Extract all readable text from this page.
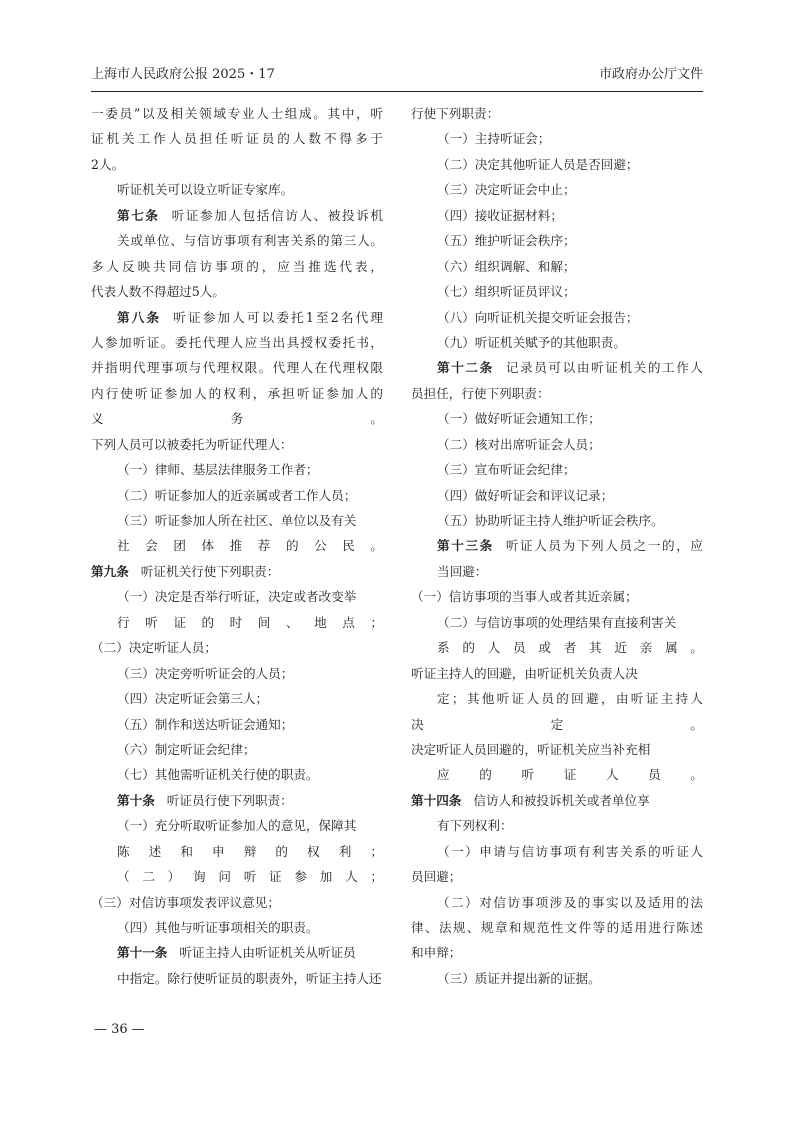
上海市人民政府公报 2025・17	市政府办公厅文件
一委员”以及相关领域专业人士组成。其中，听
证机关工作人员担任听证员的人数不得多于
2人。
听证机关可以设立听证专家库。
第七条 听证参加人包括信访人、被投诉机
关或单位、与信访事项有利害关系的第三人。
多人反映共同信访事项的，应当推选代表，
代表人数不得超过5人。
第八条 听证参加人可以委托1至2名代理
人参加听证。委托代理人应当出具授权委托书，
并指明代理事项与代理权限。代理人在代理权限
内行使听证参加人的权利，承担听证参加人的
义务。
下列人员可以被委托为听证代理人：
（一）律师、基层法律服务工作者；
（二）听证参加人的近亲属或者工作人员；
（三）听证参加人所在社区、单位以及有关
社会团体推荐的公民。
第九条 听证机关行使下列职责：
（一）决定是否举行听证，决定或者改变举
行听证的时间、地点；
（二）决定听证人员；
（三）决定旁听听证会的人员；
（四）决定听证会第三人；
（五）制作和送达听证会通知；
（六）制定听证会纪律；
（七）其他需听证机关行使的职责。
第十条 听证员行使下列职责：
（一）充分听取听证参加人的意见，保障其
陈述和申辩的权利；
（二）询问听证参加人；
（三）对信访事项发表评议意见；
（四）其他与听证事项相关的职责。
第十一条 听证主持人由听证机关从听证员
中指定。除行使听证员的职责外，听证主持人还
行使下列职责：
（一）主持听证会；
（二）决定其他听证人员是否回避；
（三）决定听证会中止；
（四）接收证据材料；
（五）维护听证会秩序；
（六）组织调解、和解；
（七）组织听证员评议；
（八）向听证机关提交听证会报告；
（九）听证机关赋予的其他职责。
第十二条 记录员可以由听证机关的工作人
员担任，行使下列职责：
（一）做好听证会通知工作；
（二）核对出席听证会人员；
（三）宣布听证会纪律；
（四）做好听证会和评议记录；
（五）协助听证主持人维护听证会秩序。
第十三条 听证人员为下列人员之一的，应
当回避：
（一）信访事项的当事人或者其近亲属；
（二）与信访事项的处理结果有直接利害关
系的人员或者其近亲属。
听证主持人的回避，由听证机关负责人决
定；其他听证人员的回避，由听证主持人
决定。
决定听证人员回避的，听证机关应当补充相
应的听证人员。
第十四条 信访人和被投诉机关或者单位享
有下列权利：
（一）申请与信访事项有利害关系的听证人
员回避；
（二）对信访事项涉及的事实以及适用的法
律、法规、规章和规范性文件等的适用进行陈述
和申辩；
（三）质证并提出新的证据。
— 36 —
